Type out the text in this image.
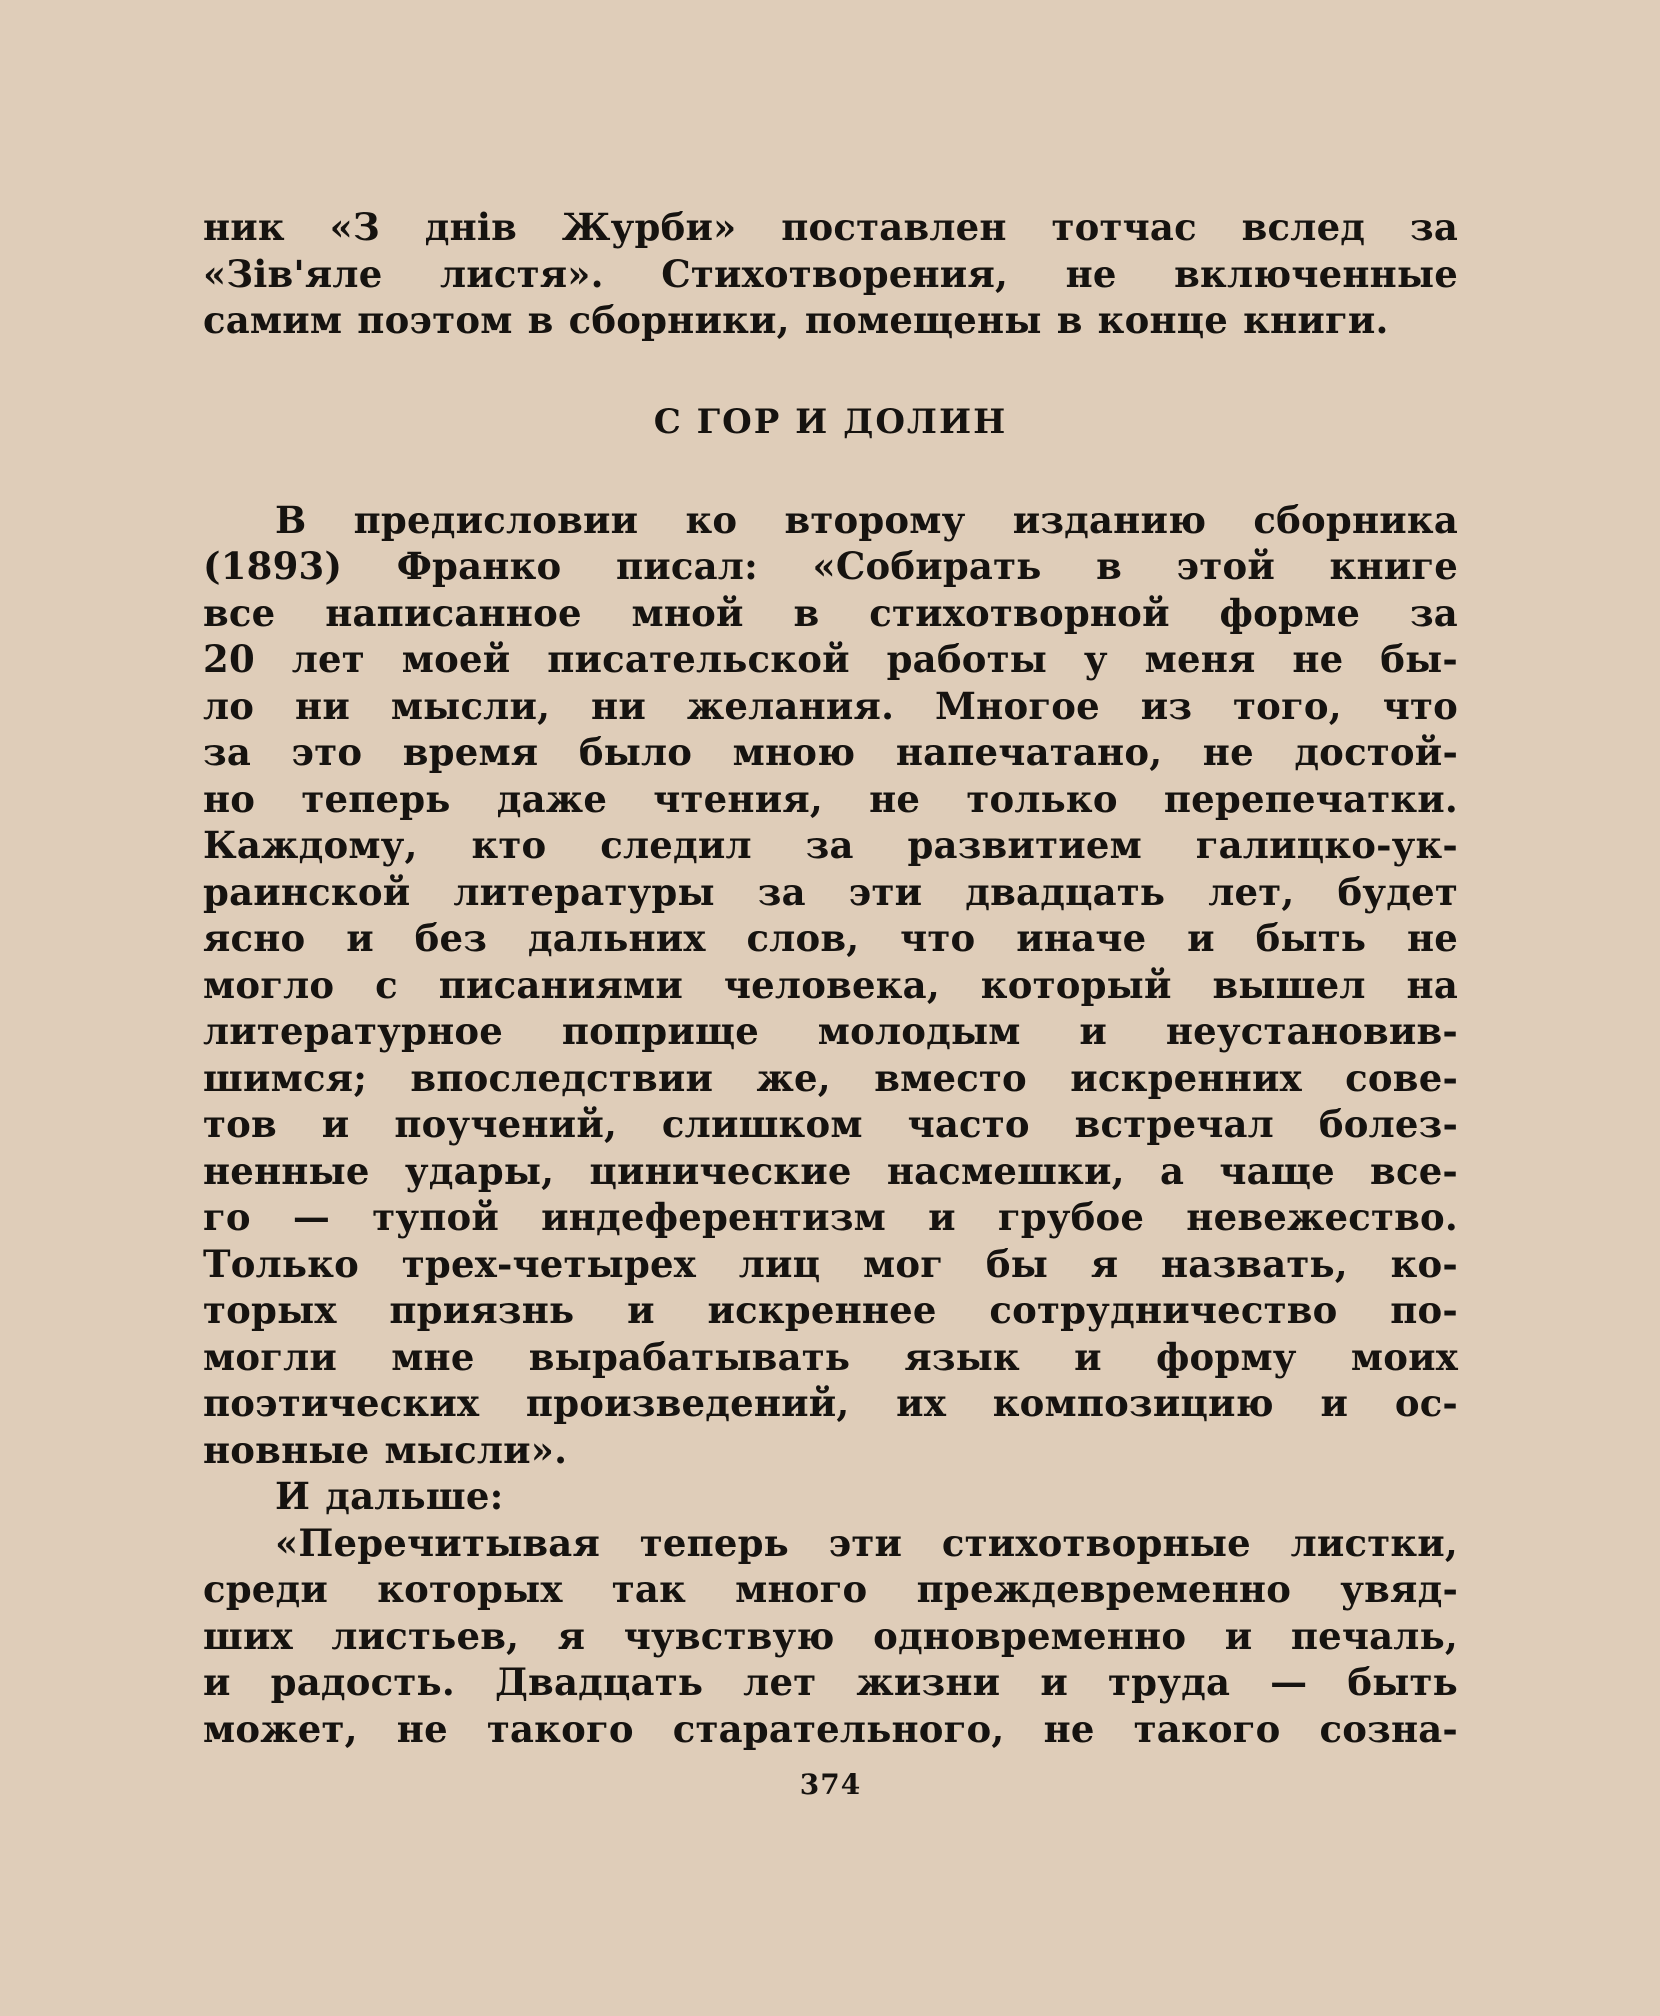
ник «З днів Журби» поставлен тотчас вслед за
«Зів'яле листя». Стихотворения, не включенные
самим поэтом в сборники, помещены в конце книги.
С ГОР И ДОЛИН
В предисловии ко второму изданию сборника
(1893) Франко писал: «Собирать в этой книге
все написанное мной в стихотворной форме за
20 лет моей писательской работы у меня не бы-
ло ни мысли, ни желания. Многое из того, что
за это время было мною напечатано, не достой-
но теперь даже чтения, не только перепечатки.
Каждому, кто следил за развитием галицко-ук-
раинской литературы за эти двадцать лет, будет
ясно и без дальних слов, что иначе и быть не
могло с писаниями человека, который вышел на
литературное поприще молодым и неустановив-
шимся; впоследствии же, вместо искренних сове-
тов и поучений, слишком часто встречал болез-
ненные удары, цинические насмешки, а чаще все-
го — тупой индеферентизм и грубое невежество.
Только трех-четырех лиц мог бы я назвать, ко-
торых приязнь и искреннее сотрудничество по-
могли мне вырабатывать язык и форму моих
поэтических произведений, их композицию и ос-
новные мысли».
И дальше:
«Перечитывая теперь эти стихотворные листки,
среди которых так много преждевременно увяд-
ших листьев, я чувствую одновременно и печаль,
и радость. Двадцать лет жизни и труда — быть
может, не такого старательного, не такого созна-
374
